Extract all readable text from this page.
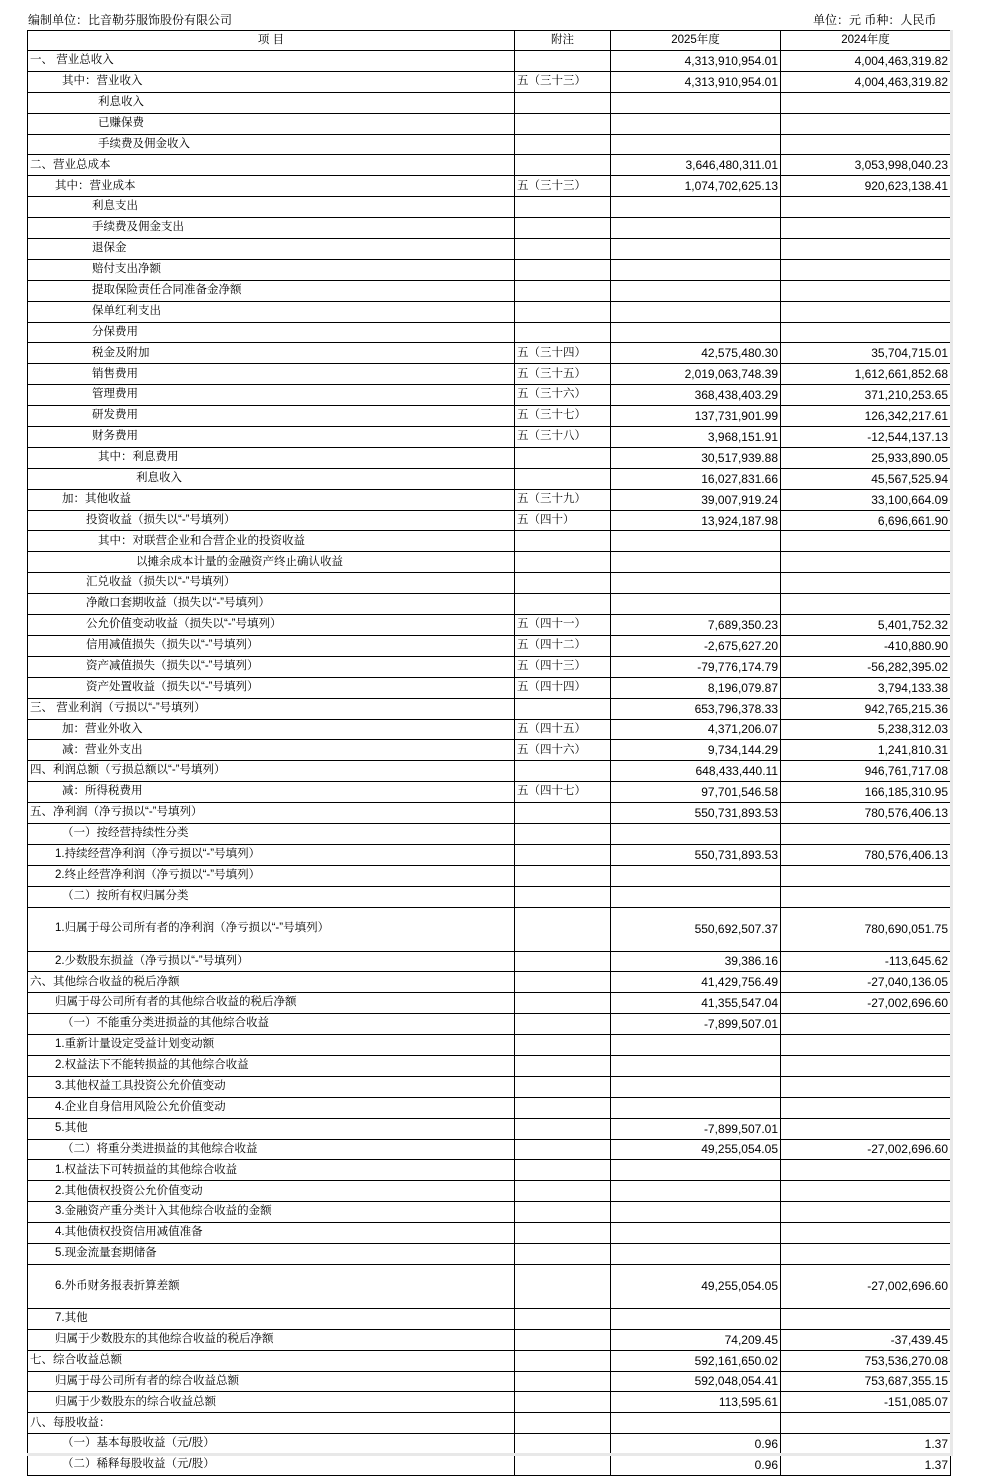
编制单位：比音勒芬服饰股份有限公司	单位：元 币种：人民币
项 目	附注	2025年度	2024年度
一、 营业总收入		4,313,910,954.01	4,004,463,319.82
其中：营业收入	五（三十三）	4,313,910,954.01	4,004,463,319.82
利息收入			
已赚保费			
手续费及佣金收入			
二、营业总成本		3,646,480,311.01	3,053,998,040.23
其中：营业成本	五（三十三）	1,074,702,625.13	920,623,138.41
利息支出			
手续费及佣金支出			
退保金			
赔付支出净额			
提取保险责任合同准备金净额			
保单红利支出			
分保费用			
税金及附加	五（三十四）	42,575,480.30	35,704,715.01
销售费用	五（三十五）	2,019,063,748.39	1,612,661,852.68
管理费用	五（三十六）	368,438,403.29	371,210,253.65
研发费用	五（三十七）	137,731,901.99	126,342,217.61
财务费用	五（三十八）	3,968,151.91	-12,544,137.13
其中：利息费用		30,517,939.88	25,933,890.05
利息收入		16,027,831.66	45,567,525.94
加：其他收益	五（三十九）	39,007,919.24	33,100,664.09
投资收益（损失以“-”号填列）	五（四十）	13,924,187.98	6,696,661.90
其中：对联营企业和合营企业的投资收益			
以摊余成本计量的金融资产终止确认收益			
汇兑收益（损失以“-”号填列）			
净敞口套期收益（损失以“-”号填列）			
公允价值变动收益（损失以“-”号填列）	五（四十一）	7,689,350.23	5,401,752.32
信用减值损失（损失以“-”号填列）	五（四十二）	-2,675,627.20	-410,880.90
资产减值损失（损失以“-”号填列）	五（四十三）	-79,776,174.79	-56,282,395.02
资产处置收益（损失以“-”号填列）	五（四十四）	8,196,079.87	3,794,133.38
三、 营业利润（亏损以“-”号填列）		653,796,378.33	942,765,215.36
加：营业外收入	五（四十五）	4,371,206.07	5,238,312.03
减：营业外支出	五（四十六）	9,734,144.29	1,241,810.31
四、利润总额（亏损总额以“-”号填列）		648,433,440.11	946,761,717.08
减：所得税费用	五（四十七）	97,701,546.58	166,185,310.95
五、净利润（净亏损以“-”号填列）		550,731,893.53	780,576,406.13
（一）按经营持续性分类			
1.持续经营净利润（净亏损以“-”号填列）		550,731,893.53	780,576,406.13
2.终止经营净利润（净亏损以“-”号填列）			
（二）按所有权归属分类			
1.归属于母公司所有者的净利润（净亏损以“-”号填列）		550,692,507.37	780,690,051.75
2.少数股东损益（净亏损以“-”号填列）		39,386.16	-113,645.62
六、其他综合收益的税后净额		41,429,756.49	-27,040,136.05
归属于母公司所有者的其他综合收益的税后净额		41,355,547.04	-27,002,696.60
（一）不能重分类进损益的其他综合收益		-7,899,507.01	
1.重新计量设定受益计划变动额			
2.权益法下不能转损益的其他综合收益			
3.其他权益工具投资公允价值变动			
4.企业自身信用风险公允价值变动			
5.其他		-7,899,507.01	
（二）将重分类进损益的其他综合收益		49,255,054.05	-27,002,696.60
1.权益法下可转损益的其他综合收益			
2.其他债权投资公允价值变动			
3.金融资产重分类计入其他综合收益的金额			
4.其他债权投资信用减值准备			
5.现金流量套期储备			
6.外币财务报表折算差额		49,255,054.05	-27,002,696.60
7.其他			
归属于少数股东的其他综合收益的税后净额		74,209.45	-37,439.45
七、综合收益总额		592,161,650.02	753,536,270.08
归属于母公司所有者的综合收益总额		592,048,054.41	753,687,355.15
归属于少数股东的综合收益总额		113,595.61	-151,085.07
八、每股收益：			
（一）基本每股收益（元/股）		0.96	1.37
（二）稀释每股收益（元/股）		0.96	1.37
